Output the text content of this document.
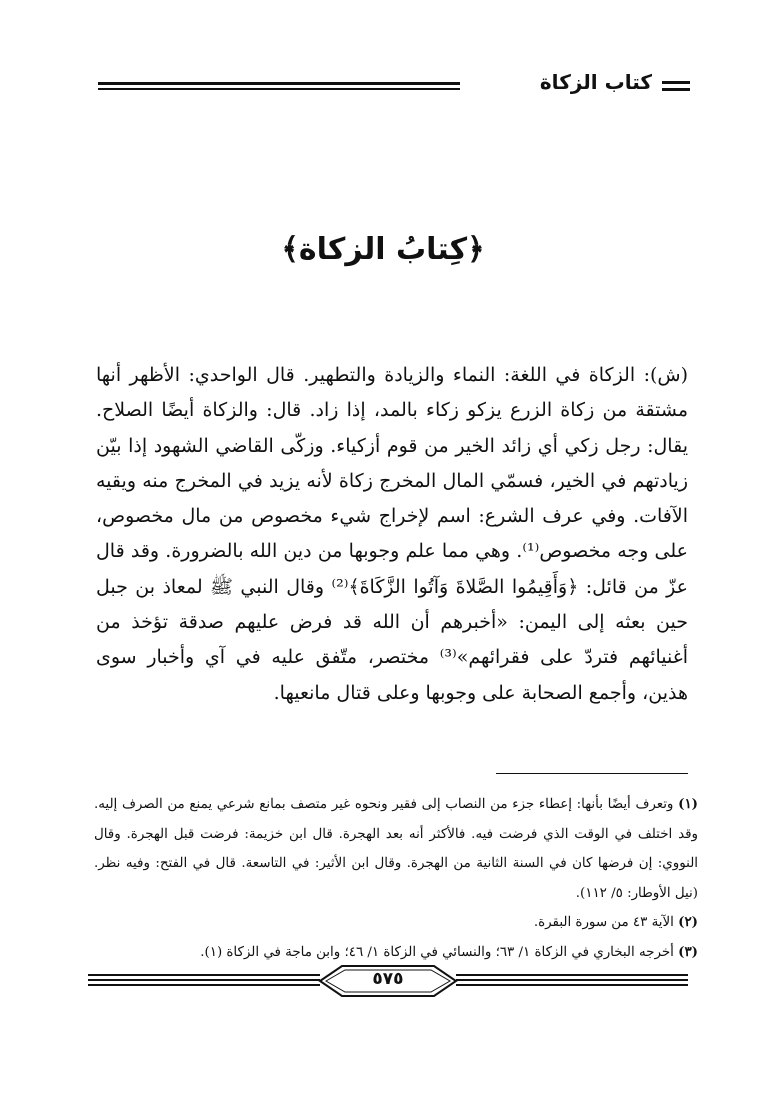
كتاب الزكاة
﴿كِتابُ الزكاة﴾

(ش): الزكاة في اللغة: النماء والزيادة والتطهير. قال الواحدي: الأظهر أنها مشتقة من زكاة الزرع يزكو زكاء بالمد، إذا زاد. قال: والزكاة أيضًا الصلاح. يقال: رجل زكي أي زائد الخير من قوم أزكياء. وزكّى القاضي الشهود إذا بيّن زيادتهم في الخير، فسمّي المال المخرج زكاة لأنه يزيد في المخرج منه ويقيه الآفات. وفي عرف الشرع: اسم لإخراج شيء مخصوص من مال مخصوص، على وجه مخصوص⁽¹⁾. وهي مما علم وجوبها من دين الله بالضرورة. وقد قال عزّ من قائل: ﴿وَأَقِيمُوا الصَّلاةَ وَآتُوا الزَّكَاةَ﴾⁽²⁾ وقال النبي ﷺ لمعاذ بن جبل حين بعثه إلى اليمن: «أخبرهم أن الله قد فرض عليهم صدقة تؤخذ من أغنيائهم فتردّ على فقرائهم»⁽³⁾ مختصر، متّفق عليه في آي وأخبار سوى هذين، وأجمع الصحابة على وجوبها وعلى قتال مانعيها.

(١) وتعرف أيضًا بأنها: إعطاء جزء من النصاب إلى فقير ونحوه غير متصف بمانع شرعي يمنع من الصرف إليه. وقد اختلف في الوقت الذي فرضت فيه. فالأكثر أنه بعد الهجرة. قال ابن خزيمة: فرضت قبل الهجرة. وقال النووي: إن فرضها كان في السنة الثانية من الهجرة. وقال ابن الأثير: في التاسعة. قال في الفتح: وفيه نظر. (نيل الأوطار: ٥/ ١١٢).

(٢) الآية ٤٣ من سورة البقرة.

(٣) أخرجه البخاري في الزكاة ١/ ٦٣؛ والنسائي في الزكاة ١/ ٤٦؛ وابن ماجة في الزكاة (١).

٥٧٥
